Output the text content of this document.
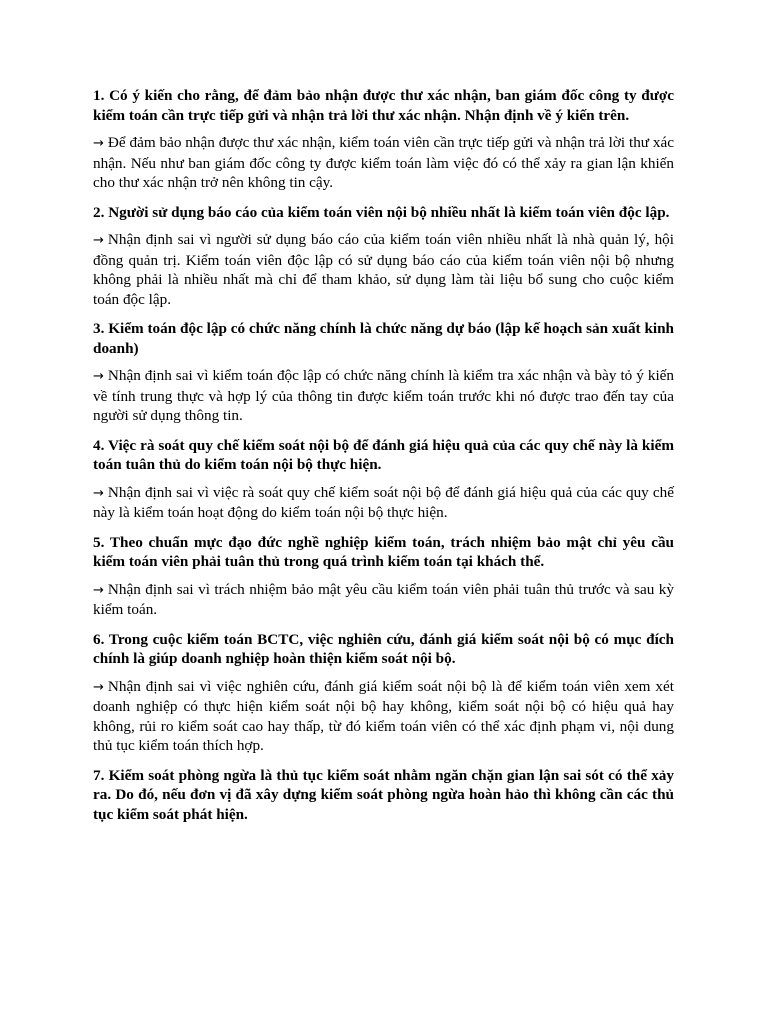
1. Có ý kiến cho rằng, để đảm bảo nhận được thư xác nhận, ban giám đốc công ty được kiểm toán cần trực tiếp gửi và nhận trả lời thư xác nhận. Nhận định về ý kiến trên.

→ Để đảm bảo nhận được thư xác nhận, kiểm toán viên cần trực tiếp gửi và nhận trả lời thư xác nhận. Nếu như ban giám đốc công ty được kiểm toán làm việc đó có thể xảy ra gian lận khiến cho thư xác nhận trở nên không tin cậy.

2. Người sử dụng báo cáo của kiểm toán viên nội bộ nhiều nhất là kiểm toán viên độc lập.

→ Nhận định sai vì người sử dụng báo cáo của kiểm toán viên nhiều nhất là nhà quản lý, hội đồng quản trị. Kiểm toán viên độc lập có sử dụng báo cáo của kiểm toán viên nội bộ nhưng không phải là nhiều nhất mà chỉ để tham khảo, sử dụng làm tài liệu bổ sung cho cuộc kiểm toán độc lập.

3. Kiểm toán độc lập có chức năng chính là chức năng dự báo (lập kế hoạch sản xuất kinh doanh)

→ Nhận định sai vì kiểm toán độc lập có chức năng chính là kiểm tra xác nhận và bày tỏ ý kiến về tính trung thực và hợp lý của thông tin được kiểm toán trước khi nó được trao đến tay của người sử dụng thông tin.

4. Việc rà soát quy chế kiểm soát nội bộ để đánh giá hiệu quả của các quy chế này là kiểm toán tuân thủ do kiểm toán nội bộ thực hiện.

→ Nhận định sai vì việc rà soát quy chế kiểm soát nội bộ để đánh giá hiệu quả của các quy chế này là kiểm toán hoạt động do kiểm toán nội bộ thực hiện.

5. Theo chuẩn mực đạo đức nghề nghiệp kiểm toán, trách nhiệm bảo mật chỉ yêu cầu kiểm toán viên phải tuân thủ trong quá trình kiểm toán tại khách thể.

→ Nhận định sai vì trách nhiệm bảo mật yêu cầu kiểm toán viên phải tuân thủ trước và sau kỳ kiểm toán.

6. Trong cuộc kiểm toán BCTC, việc nghiên cứu, đánh giá kiểm soát nội bộ có mục đích chính là giúp doanh nghiệp hoàn thiện kiểm soát nội bộ.

→ Nhận định sai vì việc nghiên cứu, đánh giá kiểm soát nội bộ là để kiểm toán viên xem xét doanh nghiệp có thực hiện kiểm soát nội bộ hay không, kiểm soát nội bộ có hiệu quả hay không, rủi ro kiểm soát cao hay thấp, từ đó kiểm toán viên có thể xác định phạm vi, nội dung thủ tục kiểm toán thích hợp.

7. Kiểm soát phòng ngừa là thủ tục kiểm soát nhằm ngăn chặn gian lận sai sót có thể xảy ra. Do đó, nếu đơn vị đã xây dựng kiểm soát phòng ngừa hoàn hảo thì không cần các thủ tục kiểm soát phát hiện.
